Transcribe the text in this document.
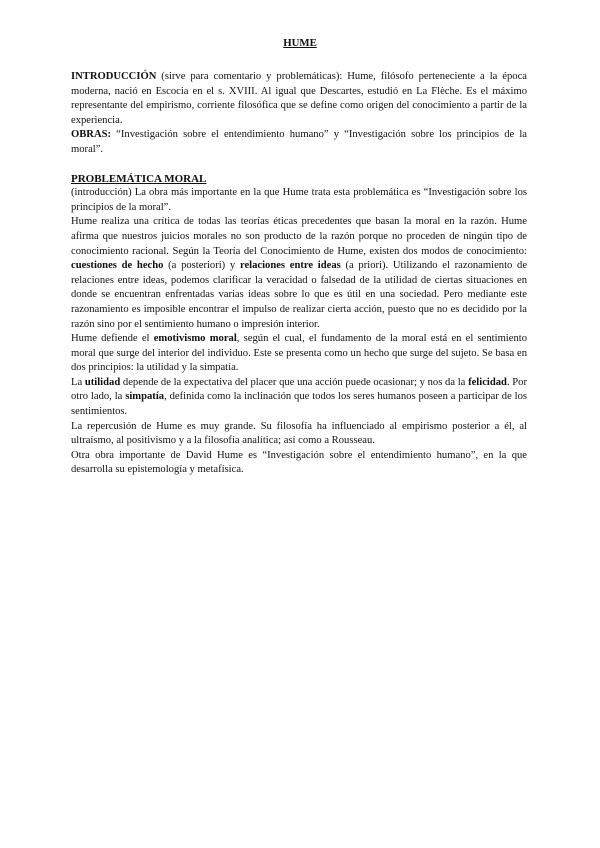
HUME

INTRODUCCIÓN (sirve para comentario y problemáticas): Hume, filósofo perteneciente a la época moderna, nació en Escocia en el s. XVIII. Al igual que Descartes, estudió en La Flèche. Es el máximo representante del empirismo, corriente filosófica que se define como origen del conocimiento a partir de la experiencia.

OBRAS: “Investigación sobre el entendimiento humano” y “Investigación sobre los principios de la moral”.

PROBLEMÁTICA MORAL

(introducción) La obra más importante en la que Hume trata esta problemática es “Investigación sobre los principios de la moral”.

Hume realiza una crítica de todas las teorías éticas precedentes que basan la moral en la razón. Hume afirma que nuestros juicios morales no son producto de la razón porque no proceden de ningún tipo de conocimiento racional. Según la Teoría del Conocimiento de Hume, existen dos modos de conocimiento: cuestiones de hecho (a posteriori) y relaciones entre ideas (a priori). Utilizando el razonamiento de relaciones entre ideas, podemos clarificar la veracidad o falsedad de la utilidad de ciertas situaciones en donde se encuentran enfrentadas varias ideas sobre lo que es útil en una sociedad. Pero mediante este razonamiento es imposible encontrar el impulso de realizar cierta acción, puesto que no es decidido por la razón sino por el sentimiento humano o impresión interior.

Hume defiende el emotivismo moral, según el cual, el fundamento de la moral está en el sentimiento moral que surge del interior del individuo. Este se presenta como un hecho que surge del sujeto. Se basa en dos principios: la utilidad y la simpatía.

La utilidad depende de la expectativa del placer que una acción puede ocasionar; y nos da la felicidad. Por otro lado, la simpatía, definida como la inclinación que todos los seres humanos poseen a participar de los sentimientos.

La repercusión de Hume es muy grande. Su filosofía ha influenciado al empirismo posterior a él, al ultraísmo, al positivismo y a la filosofía analítica; así como a Rousseau.

Otra obra importante de David Hume es “Investigación sobre el entendimiento humano”, en la que desarrolla su epistemología y metafísica.
